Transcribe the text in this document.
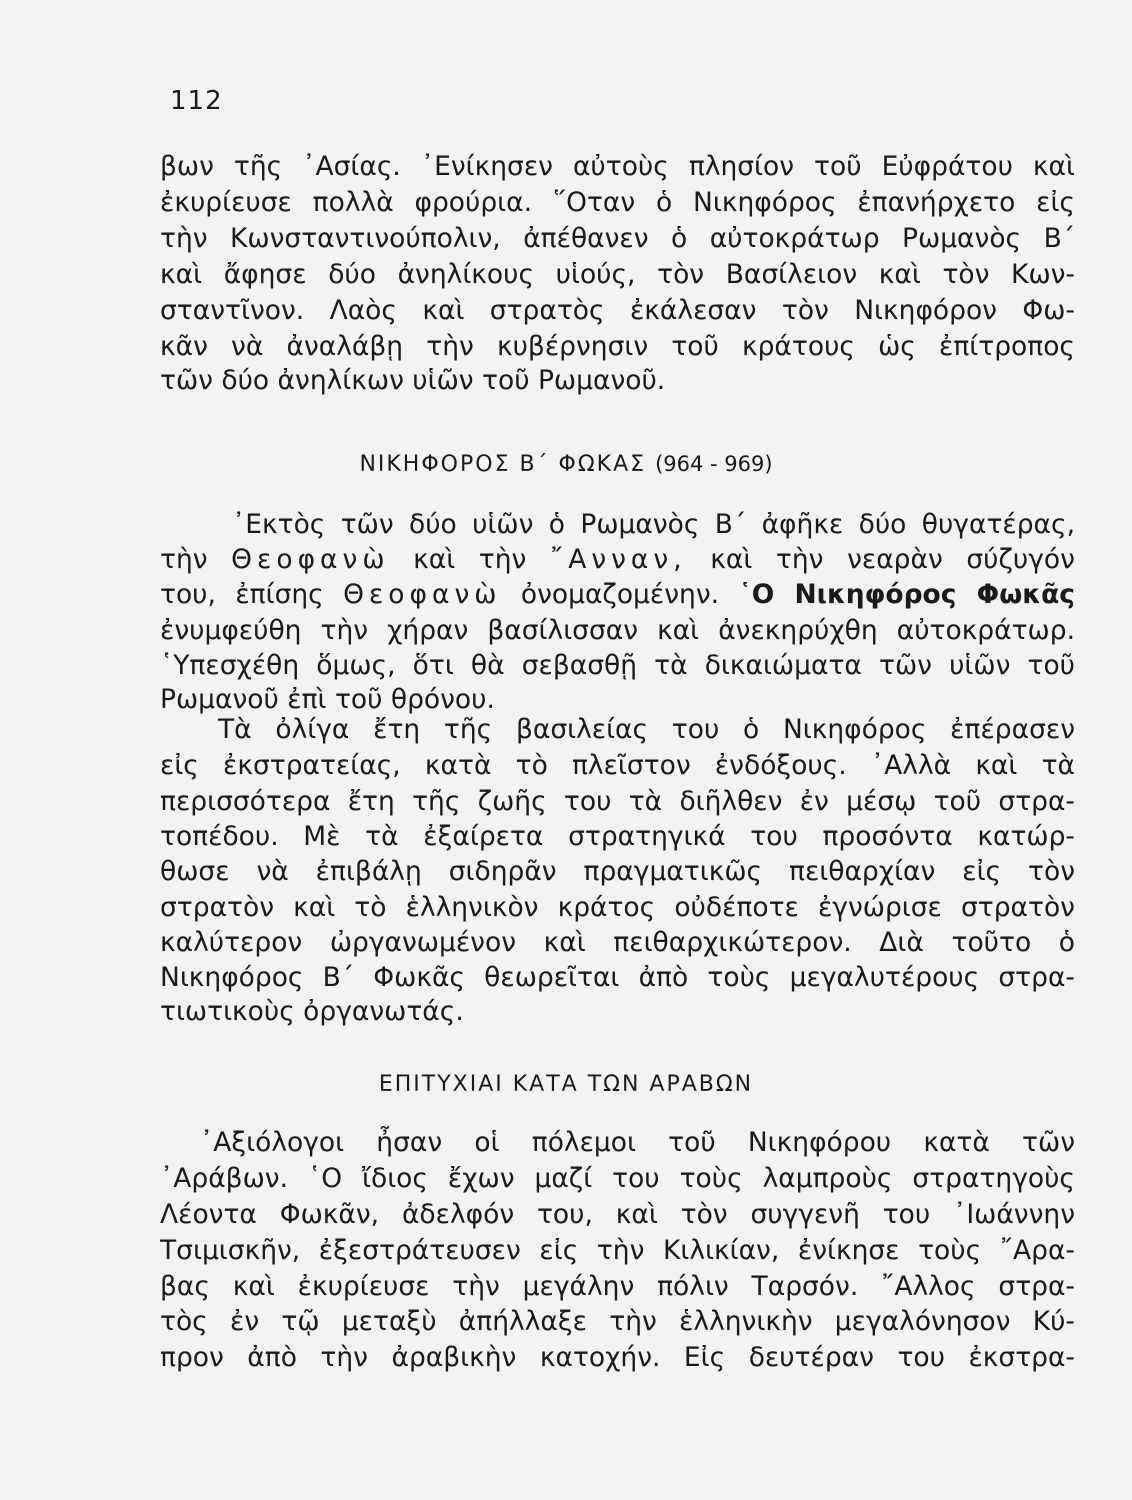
112
βων τῆς ᾿Ασίας. ᾿Ενίκησεν αὐτοὺς πλησίον τοῦ Εὐφράτου καὶ
ἐκυρίευσε πολλὰ φρούρια. ῞Οταν ὁ Νικηφόρος ἐπανήρχετο εἰς
τὴν Κωνσταντινούπολιν, ἀπέθανεν ὁ αὐτοκράτωρ Ρωμανὸς Β΄
καὶ ἄφησε δύο ἀνηλίκους υἱούς, τὸν Βασίλειον καὶ τὸν Κων-
σταντῖνον. Λαὸς καὶ στρατὸς ἐκάλεσαν τὸν Νικηφόρον Φω-
κᾶν νὰ ἀναλάβῃ τὴν κυβέρνησιν τοῦ κράτους ὡς ἐπίτροπος
τῶν δύο ἀνηλίκων υἱῶν τοῦ Ρωμανοῦ.
ΝΙΚΗΦΟΡΟΣ Β΄ ΦΩΚΑΣ (964 - 969)
᾿Εκτὸς τῶν δύο υἱῶν ὁ Ρωμανὸς Β΄ ἀφῆκε δύο θυγατέρας,
τὴν Θεοφανὼ καὶ τὴν ῎Ανναν, καὶ τὴν νεαρὰν σύζυγόν
του, ἐπίσης Θεοφανὼ ὀνομαζομένην. ῾Ο Νικηφόρος Φωκᾶς
ἐνυμφεύθη τὴν χήραν βασίλισσαν καὶ ἀνεκηρύχθη αὐτοκράτωρ.
῾Υπεσχέθη ὅμως, ὅτι θὰ σεβασθῇ τὰ δικαιώματα τῶν υἱῶν τοῦ
Ρωμανοῦ ἐπὶ τοῦ θρόνου.
Τὰ ὀλίγα ἔτη τῆς βασιλείας του ὁ Νικηφόρος ἐπέρασεν
εἰς ἐκστρατείας, κατὰ τὸ πλεῖστον ἐνδόξους. ᾿Αλλὰ καὶ τὰ
περισσότερα ἔτη τῆς ζωῆς του τὰ διῆλθεν ἐν μέσῳ τοῦ στρα-
τοπέδου. Μὲ τὰ ἐξαίρετα στρατηγικά του προσόντα κατώρ-
θωσε νὰ ἐπιβάλῃ σιδηρᾶν πραγματικῶς πειθαρχίαν εἰς τὸν
στρατὸν καὶ τὸ ἑλληνικὸν κράτος οὐδέποτε ἐγνώρισε στρατὸν
καλύτερον ὠργανωμένον καὶ πειθαρχικώτερον. Διὰ τοῦτο ὁ
Νικηφόρος Β΄ Φωκᾶς θεωρεῖται ἀπὸ τοὺς μεγαλυτέρους στρα-
τιωτικοὺς ὀργανωτάς.
ΕΠΙΤΥΧΙΑΙ ΚΑΤΑ ΤΩΝ ΑΡΑΒΩΝ
᾿Αξιόλογοι ἦσαν οἱ πόλεμοι τοῦ Νικηφόρου κατὰ τῶν
᾿Αράβων. ῾Ο ἴδιος ἔχων μαζί του τοὺς λαμπροὺς στρατηγοὺς
Λέοντα Φωκᾶν, ἀδελφόν του, καὶ τὸν συγγενῆ του ᾿Ιωάννην
Τσιμισκῆν, ἐξεστράτευσεν εἰς τὴν Κιλικίαν, ἐνίκησε τοὺς ῎Αρα-
βας καὶ ἐκυρίευσε τὴν μεγάλην πόλιν Ταρσόν. ῎Αλλος στρα-
τὸς ἐν τῷ μεταξὺ ἀπήλλαξε τὴν ἑλληνικὴν μεγαλόνησον Κύ-
προν ἀπὸ τὴν ἀραβικὴν κατοχήν. Εἰς δευτέραν του ἐκστρα-
